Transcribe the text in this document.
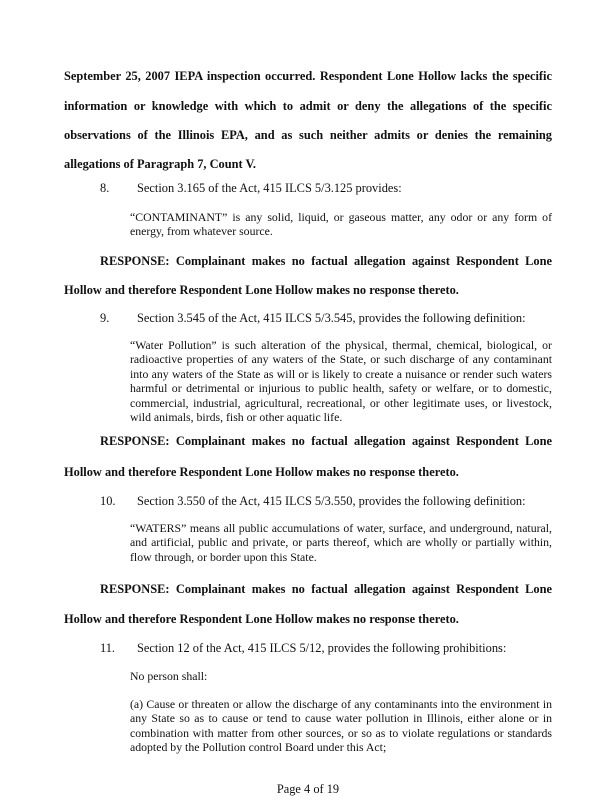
September 25, 2007 IEPA inspection occurred. Respondent Lone Hollow lacks the specific
information or knowledge with which to admit or deny the allegations of the specific
observations of the Illinois EPA, and as such neither admits or denies the remaining
allegations of Paragraph 7, Count V.
8. Section 3.165 of the Act, 415 ILCS 5/3.125 provides:
“CONTAMINANT” is any solid, liquid, or gaseous matter, any odor or any form of energy, from whatever source.
RESPONSE: Complainant makes no factual allegation against Respondent Lone
Hollow and therefore Respondent Lone Hollow makes no response thereto.
9. Section 3.545 of the Act, 415 ILCS 5/3.545, provides the following definition:
“Water Pollution” is such alteration of the physical, thermal, chemical, biological, or radioactive properties of any waters of the State, or such discharge of any contaminant into any waters of the State as will or is likely to create a nuisance or render such waters harmful or detrimental or injurious to public health, safety or welfare, or to domestic, commercial, industrial, agricultural, recreational, or other legitimate uses, or livestock, wild animals, birds, fish or other aquatic life.
RESPONSE: Complainant makes no factual allegation against Respondent Lone
Hollow and therefore Respondent Lone Hollow makes no response thereto.
10. Section 3.550 of the Act, 415 ILCS 5/3.550, provides the following definition:
“WATERS” means all public accumulations of water, surface, and underground, natural, and artificial, public and private, or parts thereof, which are wholly or partially within, flow through, or border upon this State.
RESPONSE: Complainant makes no factual allegation against Respondent Lone
Hollow and therefore Respondent Lone Hollow makes no response thereto.
11. Section 12 of the Act, 415 ILCS 5/12, provides the following prohibitions:
No person shall:
(a) Cause or threaten or allow the discharge of any contaminants into the environment in any State so as to cause or tend to cause water pollution in Illinois, either alone or in combination with matter from other sources, or so as to violate regulations or standards adopted by the Pollution control Board under this Act;
Page 4 of 19
